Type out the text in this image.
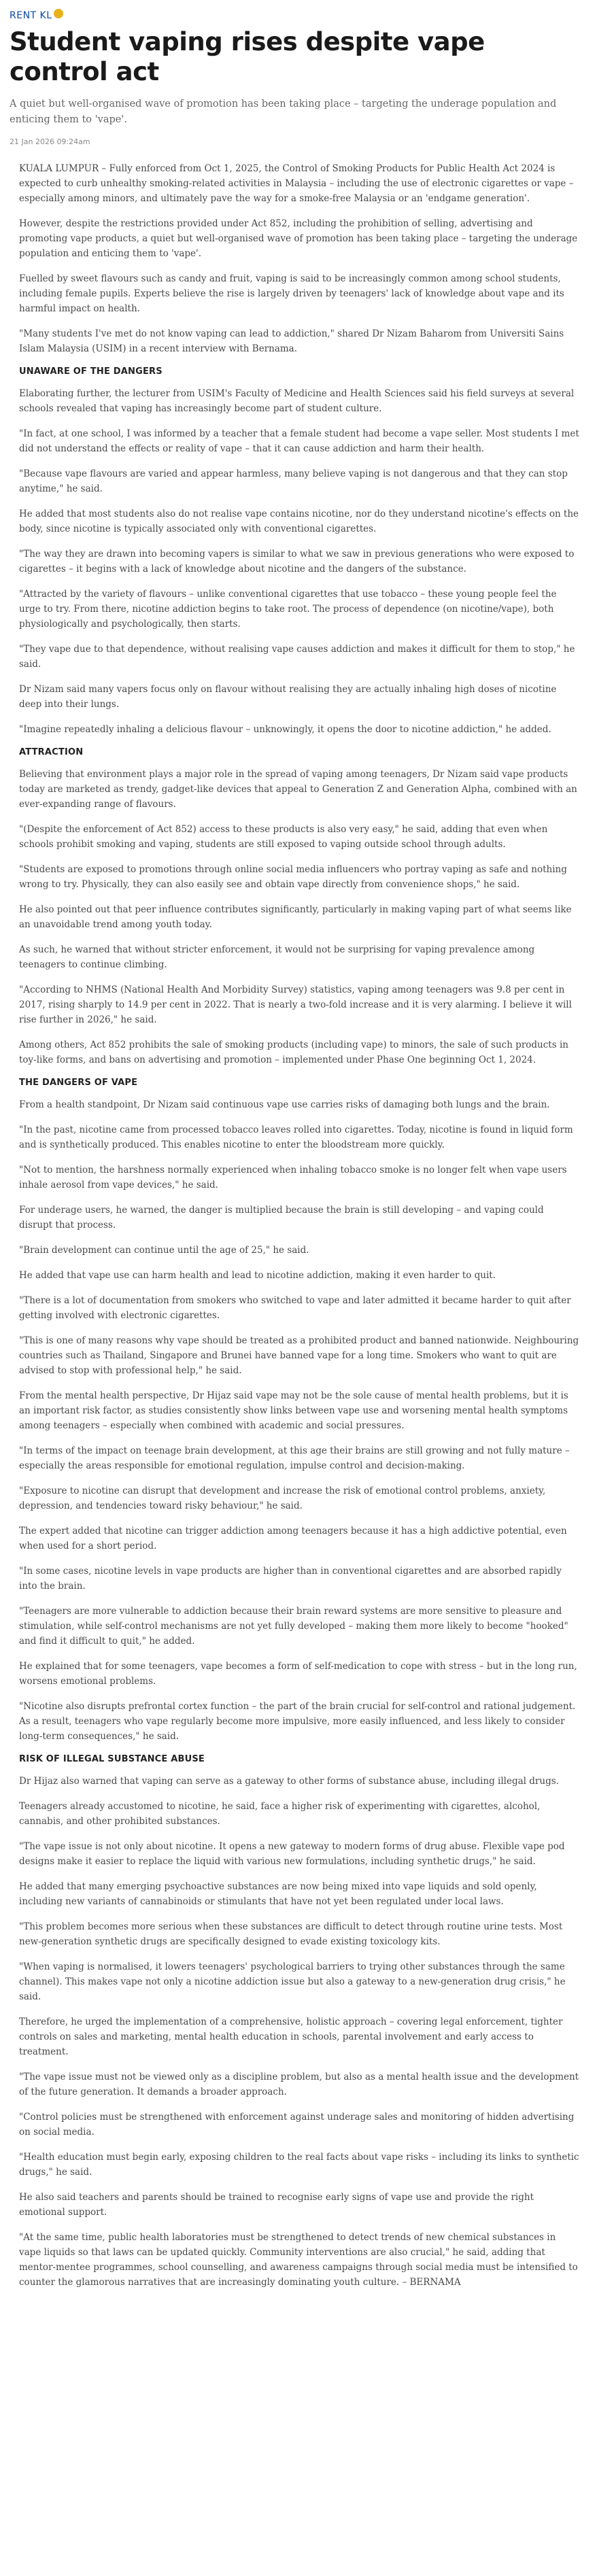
RENT KL
Student vaping rises despite vape control act

A quiet but well-organised wave of promotion has been taking place – targeting the underage population and enticing them to 'vape'.

21 Jan 2026 09:24am

KUALA LUMPUR – Fully enforced from Oct 1, 2025, the Control of Smoking Products for Public Health Act 2024 is expected to curb unhealthy smoking-related activities in Malaysia – including the use of electronic cigarettes or vape – especially among minors, and ultimately pave the way for a smoke-free Malaysia or an 'endgame generation'.

However, despite the restrictions provided under Act 852, including the prohibition of selling, advertising and promoting vape products, a quiet but well-organised wave of promotion has been taking place – targeting the underage population and enticing them to 'vape'.

Fuelled by sweet flavours such as candy and fruit, vaping is said to be increasingly common among school students, including female pupils. Experts believe the rise is largely driven by teenagers' lack of knowledge about vape and its harmful impact on health.

"Many students I've met do not know vaping can lead to addiction," shared Dr Nizam Baharom from Universiti Sains Islam Malaysia (USIM) in a recent interview with Bernama.

UNAWARE OF THE DANGERS

Elaborating further, the lecturer from USIM's Faculty of Medicine and Health Sciences said his field surveys at several schools revealed that vaping has increasingly become part of student culture.

"In fact, at one school, I was informed by a teacher that a female student had become a vape seller. Most students I met did not understand the effects or reality of vape – that it can cause addiction and harm their health.

"Because vape flavours are varied and appear harmless, many believe vaping is not dangerous and that they can stop anytime," he said.

He added that most students also do not realise vape contains nicotine, nor do they understand nicotine's effects on the body, since nicotine is typically associated only with conventional cigarettes.

"The way they are drawn into becoming vapers is similar to what we saw in previous generations who were exposed to cigarettes – it begins with a lack of knowledge about nicotine and the dangers of the substance.

"Attracted by the variety of flavours – unlike conventional cigarettes that use tobacco – these young people feel the urge to try. From there, nicotine addiction begins to take root. The process of dependence (on nicotine/vape), both physiologically and psychologically, then starts.

"They vape due to that dependence, without realising vape causes addiction and makes it difficult for them to stop," he said.

Dr Nizam said many vapers focus only on flavour without realising they are actually inhaling high doses of nicotine deep into their lungs.

"Imagine repeatedly inhaling a delicious flavour – unknowingly, it opens the door to nicotine addiction," he added.

ATTRACTION

Believing that environment plays a major role in the spread of vaping among teenagers, Dr Nizam said vape products today are marketed as trendy, gadget-like devices that appeal to Generation Z and Generation Alpha, combined with an ever-expanding range of flavours.

"(Despite the enforcement of Act 852) access to these products is also very easy," he said, adding that even when schools prohibit smoking and vaping, students are still exposed to vaping outside school through adults.

"Students are exposed to promotions through online social media influencers who portray vaping as safe and nothing wrong to try. Physically, they can also easily see and obtain vape directly from convenience shops," he said.

He also pointed out that peer influence contributes significantly, particularly in making vaping part of what seems like an unavoidable trend among youth today.

As such, he warned that without stricter enforcement, it would not be surprising for vaping prevalence among teenagers to continue climbing.

"According to NHMS (National Health And Morbidity Survey) statistics, vaping among teenagers was 9.8 per cent in 2017, rising sharply to 14.9 per cent in 2022. That is nearly a two-fold increase and it is very alarming. I believe it will rise further in 2026," he said.

Among others, Act 852 prohibits the sale of smoking products (including vape) to minors, the sale of such products in toy-like forms, and bans on advertising and promotion – implemented under Phase One beginning Oct 1, 2024.

THE DANGERS OF VAPE

From a health standpoint, Dr Nizam said continuous vape use carries risks of damaging both lungs and the brain.

"In the past, nicotine came from processed tobacco leaves rolled into cigarettes. Today, nicotine is found in liquid form and is synthetically produced. This enables nicotine to enter the bloodstream more quickly.

"Not to mention, the harshness normally experienced when inhaling tobacco smoke is no longer felt when vape users inhale aerosol from vape devices," he said.

For underage users, he warned, the danger is multiplied because the brain is still developing – and vaping could disrupt that process.

"Brain development can continue until the age of 25," he said.

He added that vape use can harm health and lead to nicotine addiction, making it even harder to quit.

"There is a lot of documentation from smokers who switched to vape and later admitted it became harder to quit after getting involved with electronic cigarettes.

"This is one of many reasons why vape should be treated as a prohibited product and banned nationwide. Neighbouring countries such as Thailand, Singapore and Brunei have banned vape for a long time. Smokers who want to quit are advised to stop with professional help," he said.

From the mental health perspective, Dr Hijaz said vape may not be the sole cause of mental health problems, but it is an important risk factor, as studies consistently show links between vape use and worsening mental health symptoms among teenagers – especially when combined with academic and social pressures.

"In terms of the impact on teenage brain development, at this age their brains are still growing and not fully mature – especially the areas responsible for emotional regulation, impulse control and decision-making.

"Exposure to nicotine can disrupt that development and increase the risk of emotional control problems, anxiety, depression, and tendencies toward risky behaviour," he said.

The expert added that nicotine can trigger addiction among teenagers because it has a high addictive potential, even when used for a short period.

"In some cases, nicotine levels in vape products are higher than in conventional cigarettes and are absorbed rapidly into the brain.

"Teenagers are more vulnerable to addiction because their brain reward systems are more sensitive to pleasure and stimulation, while self-control mechanisms are not yet fully developed – making them more likely to become "hooked" and find it difficult to quit," he added.

He explained that for some teenagers, vape becomes a form of self-medication to cope with stress – but in the long run, worsens emotional problems.

"Nicotine also disrupts prefrontal cortex function – the part of the brain crucial for self-control and rational judgement. As a result, teenagers who vape regularly become more impulsive, more easily influenced, and less likely to consider long-term consequences," he said.

RISK OF ILLEGAL SUBSTANCE ABUSE

Dr Hijaz also warned that vaping can serve as a gateway to other forms of substance abuse, including illegal drugs.

Teenagers already accustomed to nicotine, he said, face a higher risk of experimenting with cigarettes, alcohol, cannabis, and other prohibited substances.

"The vape issue is not only about nicotine. It opens a new gateway to modern forms of drug abuse. Flexible vape pod designs make it easier to replace the liquid with various new formulations, including synthetic drugs," he said.

He added that many emerging psychoactive substances are now being mixed into vape liquids and sold openly, including new variants of cannabinoids or stimulants that have not yet been regulated under local laws.

"This problem becomes more serious when these substances are difficult to detect through routine urine tests. Most new-generation synthetic drugs are specifically designed to evade existing toxicology kits.

"When vaping is normalised, it lowers teenagers' psychological barriers to trying other substances through the same channel). This makes vape not only a nicotine addiction issue but also a gateway to a new-generation drug crisis," he said.

Therefore, he urged the implementation of a comprehensive, holistic approach – covering legal enforcement, tighter controls on sales and marketing, mental health education in schools, parental involvement and early access to treatment.

"The vape issue must not be viewed only as a discipline problem, but also as a mental health issue and the development of the future generation. It demands a broader approach.

"Control policies must be strengthened with enforcement against underage sales and monitoring of hidden advertising on social media.

"Health education must begin early, exposing children to the real facts about vape risks – including its links to synthetic drugs," he said.

He also said teachers and parents should be trained to recognise early signs of vape use and provide the right emotional support.

"At the same time, public health laboratories must be strengthened to detect trends of new chemical substances in vape liquids so that laws can be updated quickly. Community interventions are also crucial," he said, adding that mentor-mentee programmes, school counselling, and awareness campaigns through social media must be intensified to counter the glamorous narratives that are increasingly dominating youth culture. – BERNAMA
